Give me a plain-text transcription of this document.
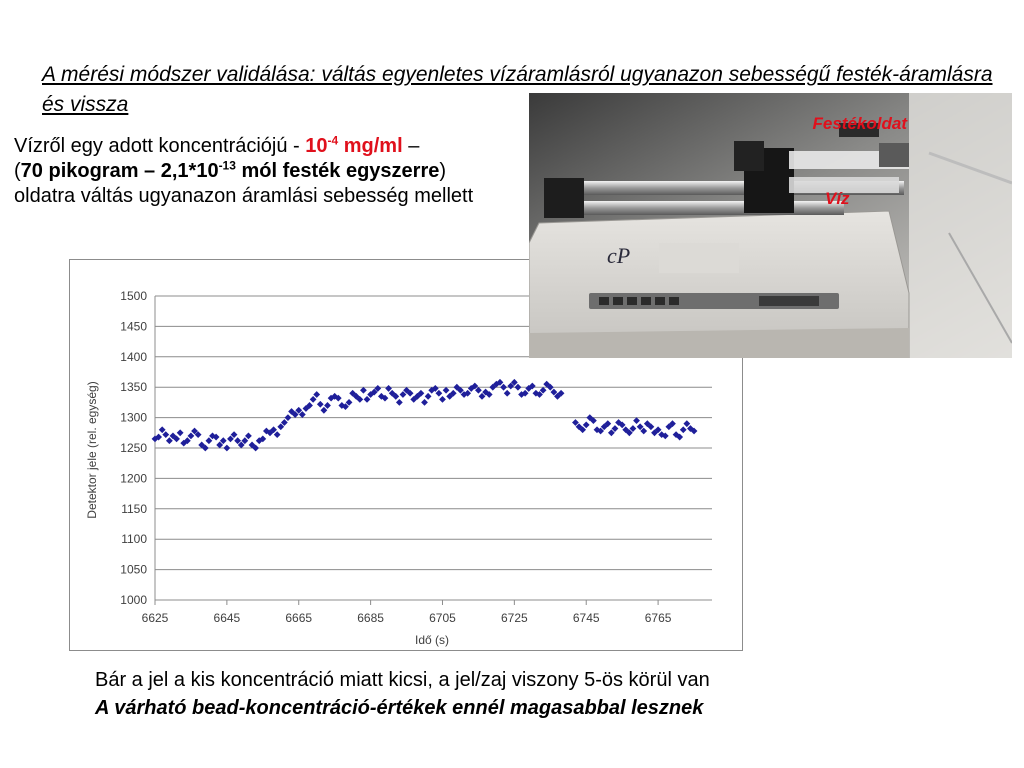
A mérési módszer validálása: váltás egyenletes vízáramlásról ugyanazon sebességű festék-áramlásra és vissza
Vízről egy adott koncentrációjú - $10^{-4}$ mg/ml –
(70 pikogram – $2,1*10^{-13}$ mól festék egyszerre)
oldatra váltás ugyanazon áramlási sebesség mellett
1000
1050
1100
1150
1200
1250
1300
1350
1400
1450
1500
6625	6645	6665	6685	6705	6725	6745	6765
Detektor jele (rel. egység)
Idő (s)
cP
Festékoldat
Víz
Bár a jel a kis koncentráció miatt kicsi, a jel/zaj viszony 5-ös körül van
A várható bead-koncentráció-értékek ennél magasabbal lesznek
